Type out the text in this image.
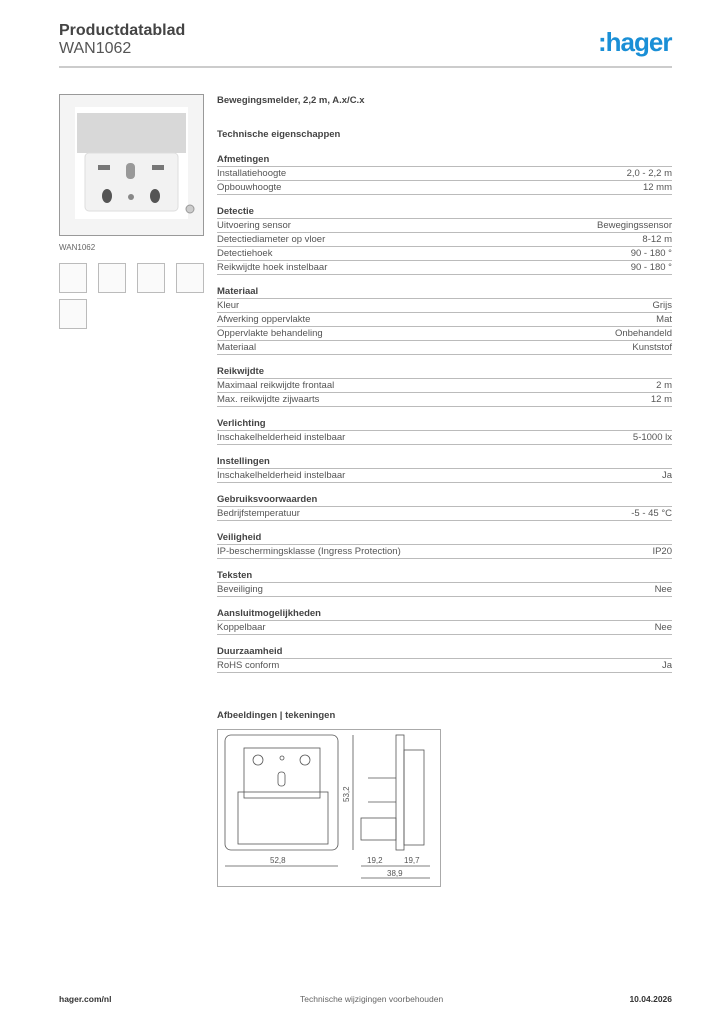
Productdatablad
WAN1062	:hager
WAN1062
Bewegingsmelder, 2,2 m, A.x/C.x
Technische eigenschappen
Afmetingen
Installatiehoogte	2,0 - 2,2 m
Opbouwhoogte	12 mm
Detectie
Uitvoering sensor	Bewegingssensor
Detectiediameter op vloer	8-12 m
Detectiehoek	90 - 180 °
Reikwijdte hoek instelbaar	90 - 180 °
Materiaal
Kleur	Grijs
Afwerking oppervlakte	Mat
Oppervlakte behandeling	Onbehandeld
Materiaal	Kunststof
Reikwijdte
Maximaal reikwijdte frontaal	2 m
Max. reikwijdte zijwaarts	12 m
Verlichting
Inschakelhelderheid instelbaar	5-1000 lx
Instellingen
Inschakelhelderheid instelbaar	Ja
Gebruiksvoorwaarden
Bedrijfstemperatuur	-5 - 45 °C
Veiligheid
IP-beschermingsklasse (Ingress Protection)	IP20
Teksten
Beveiliging	Nee
Aansluitmogelijkheden
Koppelbaar	Nee
Duurzaamheid
RoHS conform	Ja
Afbeeldingen | tekeningen
52,8
53,2
19,2	19,7
38,9
hager.com/nl	Technische wijzigingen voorbehouden	10.04.2026
